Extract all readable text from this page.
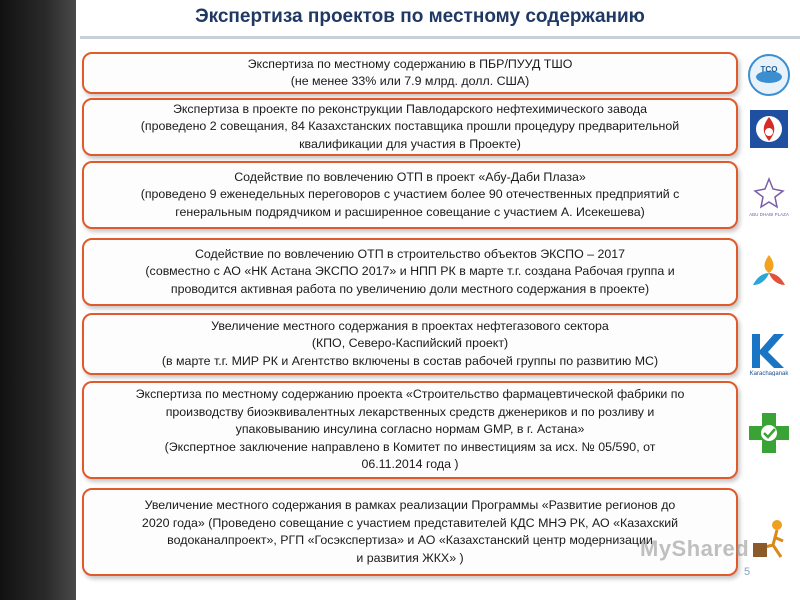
Экспертиза проектов по местному содержанию
Экспертиза по местному содержанию в ПБР/ПУУД ТШО
(не менее 33% или 7.9 млрд. долл. США)
Экспертиза в проекте по реконструкции Павлодарского нефтехимического завода
(проведено 2 совещания, 84 Казахстанских поставщика прошли процедуру предварительной
квалификации для участия в Проекте)
Содействие по вовлечению ОТП в проект «Абу-Даби Плаза»
(проведено 9 еженедельных переговоров с участием более 90 отечественных предприятий с
генеральным подрядчиком и расширенное совещание с участием А. Исекешева)
Содействие по вовлечению ОТП в строительство объектов ЭКСПО – 2017
(совместно с АО «НК Астана ЭКСПО 2017» и НПП РК в марте т.г. создана Рабочая группа и
проводится активная работа по увеличению доли местного содержания в проекте)
Увеличение местного содержания в проектах нефтегазового сектора
(КПО, Северо-Каспийский проект)
(в марте т.г. МИР РК и Агентство включены в состав рабочей группы по развитию МС)
Экспертиза по местному содержанию проекта «Строительство фармацевтической фабрики по
производству биоэквивалентных лекарственных средств дженериков и по розливу и
упаковыванию инсулина согласно нормам GMP, в г. Астана»
(Экспертное заключение направлено в Комитет по инвестициям за исх. № 05/590, от
06.11.2014 года )
Увеличение местного содержания в рамках реализации Программы «Развитие регионов до
2020 года» (Проведено совещание с участием представителей КДС МНЭ РК, АО «Казахский
водоканалпроект», РГП «Госэкспертиза» и АО «Казахстанский центр модернизации
и развития ЖКХ» )
TCO
ABU DHABI PLAZA
Karachaganak
MyShared
5
